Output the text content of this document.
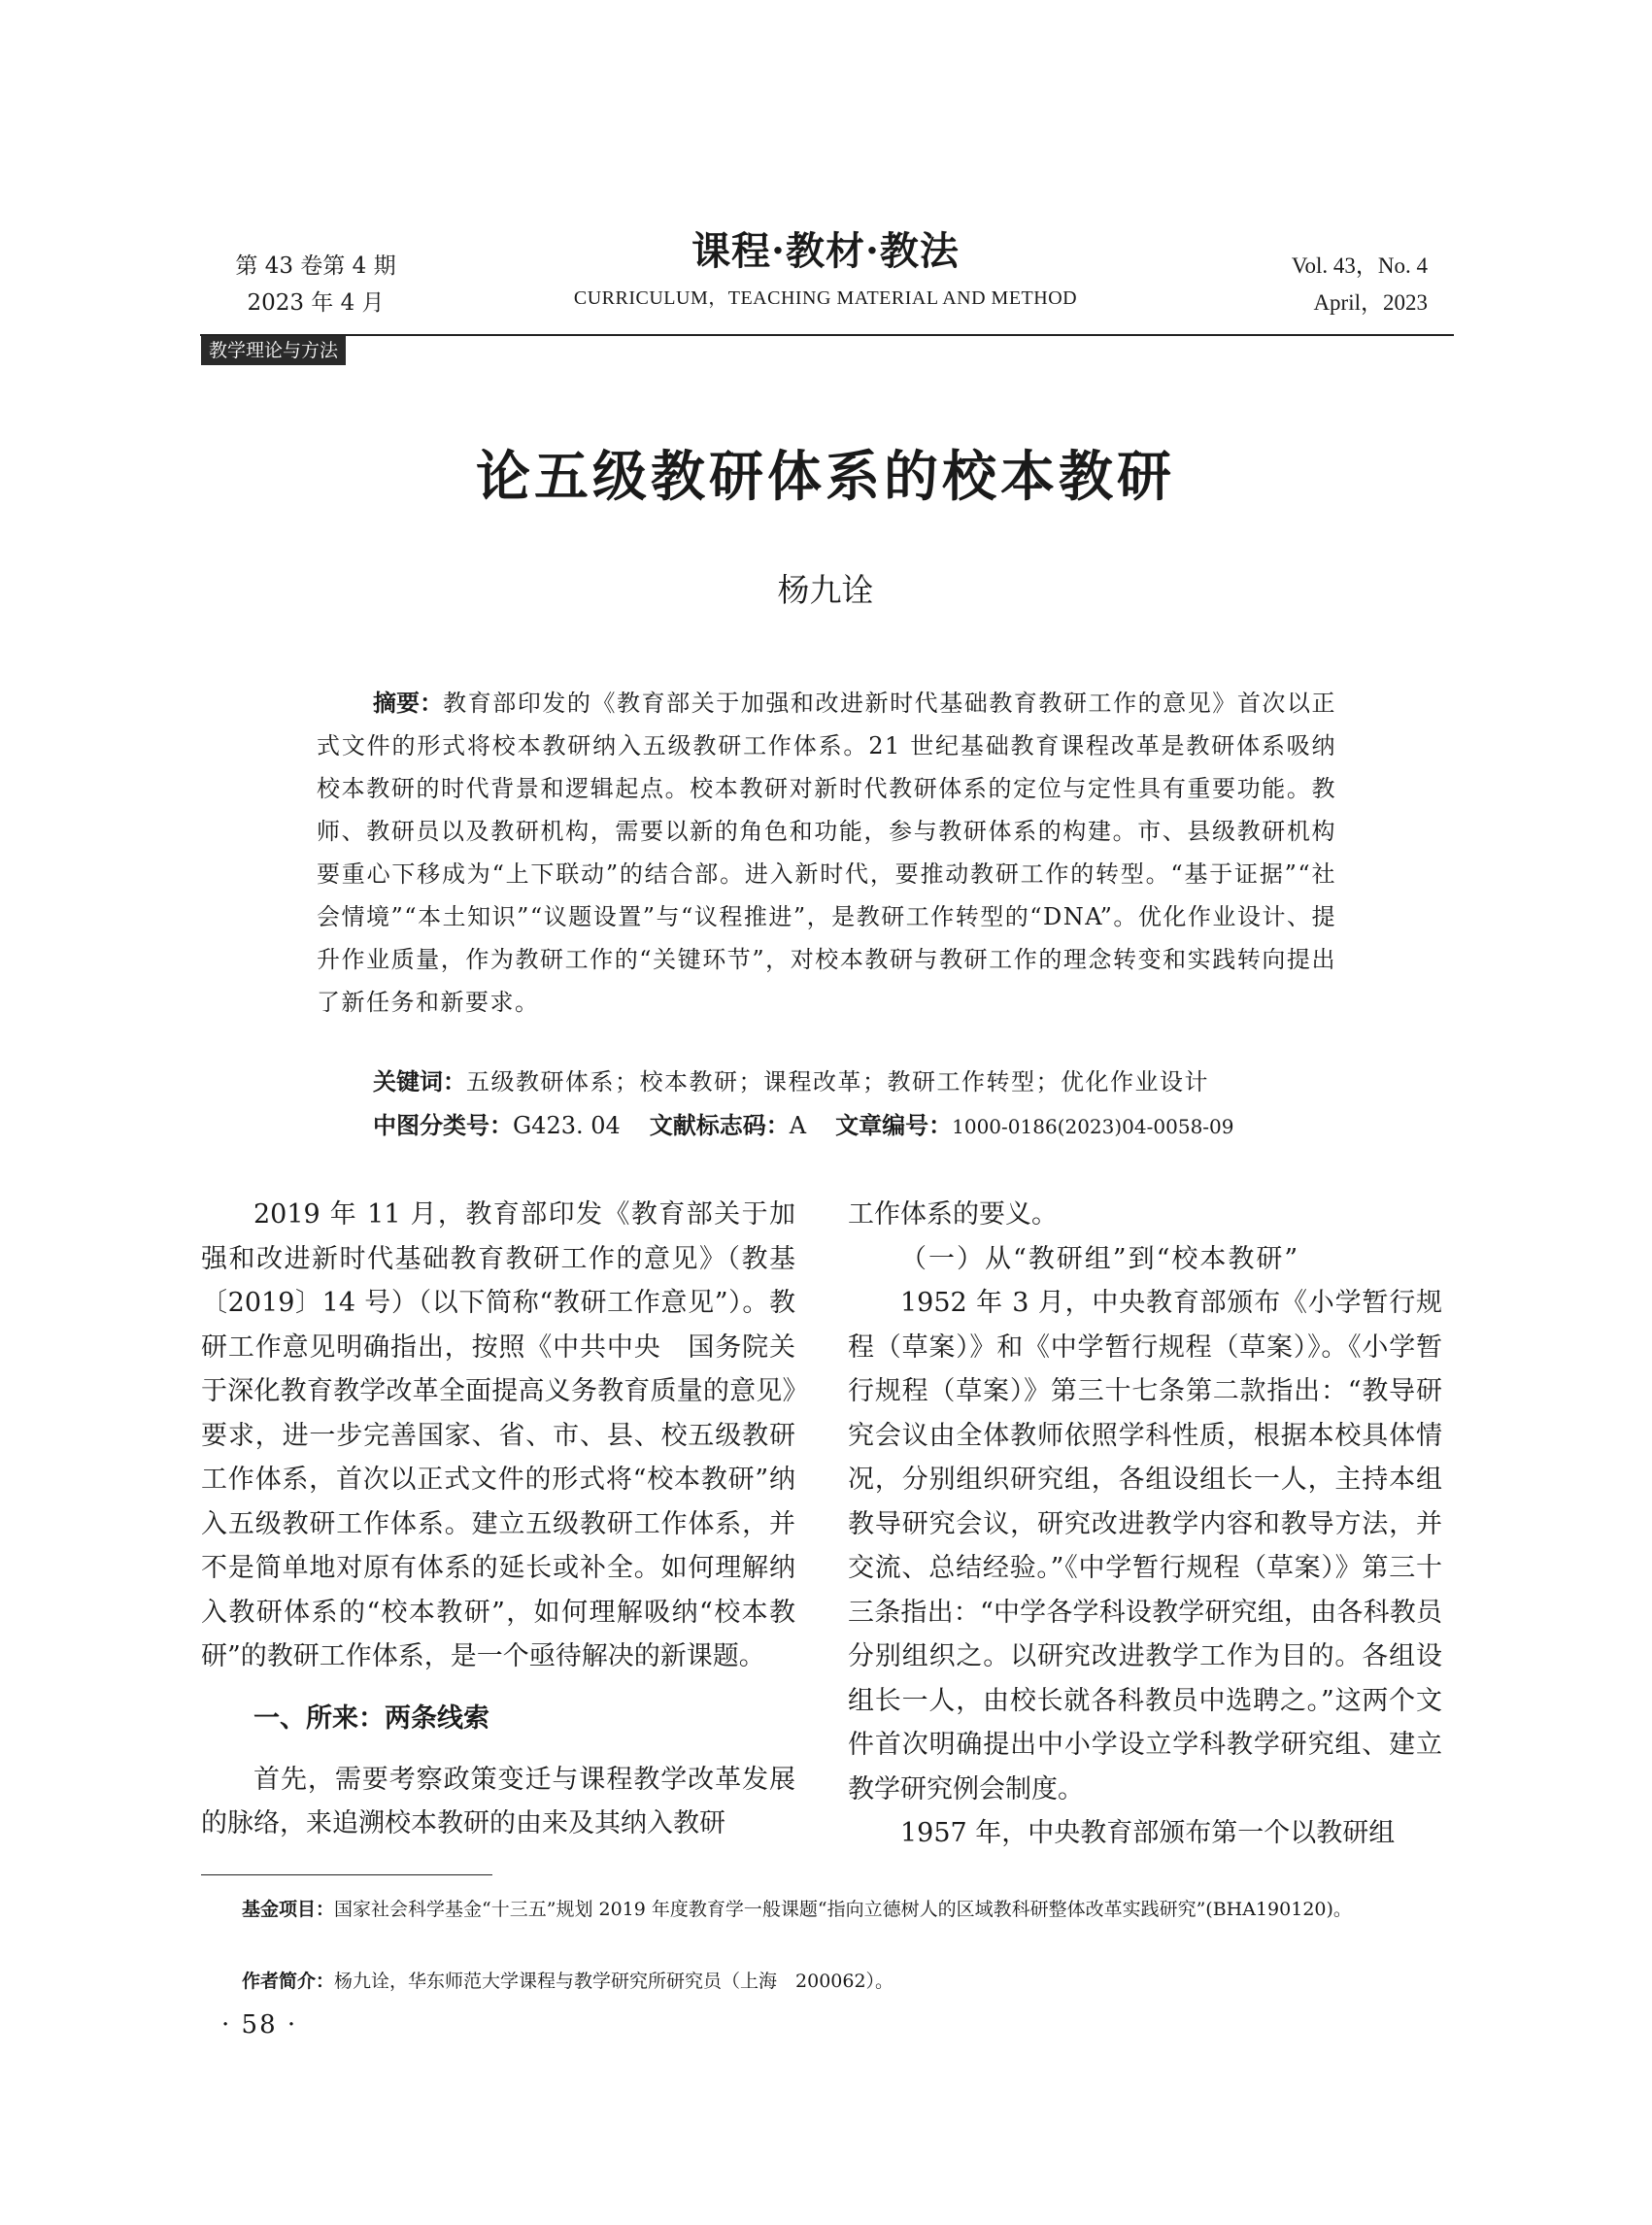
第 43 卷第 4 期
2023 年 4 月
课程·教材·教法
CURRICULUM，TEACHING MATERIAL AND METHOD
Vol. 43，No. 4
April，2023
教学理论与方法
论五级教研体系的校本教研
杨九诠
摘要：教育部印发的《教育部关于加强和改进新时代基础教育教研工作的意见》首次以正式文件的形式将校本教研纳入五级教研工作体系。21 世纪基础教育课程改革是教研体系吸纳校本教研的时代背景和逻辑起点。校本教研对新时代教研体系的定位与定性具有重要功能。教师、教研员以及教研机构，需要以新的角色和功能，参与教研体系的构建。市、县级教研机构要重心下移成为“上下联动”的结合部。进入新时代，要推动教研工作的转型。“基于证据”“社会情境”“本土知识”“议题设置”与“议程推进”，是教研工作转型的“DNA”。优化作业设计、提升作业质量，作为教研工作的“关键环节”，对校本教研与教研工作的理念转变和实践转向提出了新任务和新要求。
关键词：五级教研体系；校本教研；课程改革；教研工作转型；优化作业设计
中图分类号：G423. 04 文献标志码：A 文章编号：1000-0186(2023)04-0058-09

2019 年 11 月，教育部印发《教育部关于加强和改进新时代基础教育教研工作的意见》（教基〔2019〕14 号）（以下简称“教研工作意见”）。教研工作意见明确指出，按照《中共中央　国务院关于深化教育教学改革全面提高义务教育质量的意见》要求，进一步完善国家、省、市、县、校五级教研工作体系，首次以正式文件的形式将“校本教研”纳入五级教研工作体系。建立五级教研工作体系，并不是简单地对原有体系的延长或补全。如何理解纳入教研体系的“校本教研”，如何理解吸纳“校本教研”的教研工作体系，是一个亟待解决的新课题。

一、所来：两条线索

首先，需要考察政策变迁与课程教学改革发展的脉络，来追溯校本教研的由来及其纳入教研

工作体系的要义。

（一）从“教研组”到“校本教研”

1952 年 3 月，中央教育部颁布《小学暂行规程（草案）》和《中学暂行规程（草案）》。《小学暂行规程（草案）》第三十七条第二款指出：“教导研究会议由全体教师依照学科性质，根据本校具体情况，分别组织研究组，各组设组长一人，主持本组教导研究会议，研究改进教学内容和教导方法，并交流、总结经验。”《中学暂行规程（草案）》第三十三条指出：“中学各学科设教学研究组，由各科教员分别组织之。以研究改进教学工作为目的。各组设组长一人，由校长就各科教员中选聘之。”这两个文件首次明确提出中小学设立学科教学研究组、建立教学研究例会制度。

1957 年，中央教育部颁布第一个以教研组

基金项目：国家社会科学基金“十三五”规划 2019 年度教育学一般课题“指向立德树人的区域教科研整体改革实践研究”(BHA190120)。
作者简介：杨九诠，华东师范大学课程与教学研究所研究员（上海　200062）。
· 58 ·
